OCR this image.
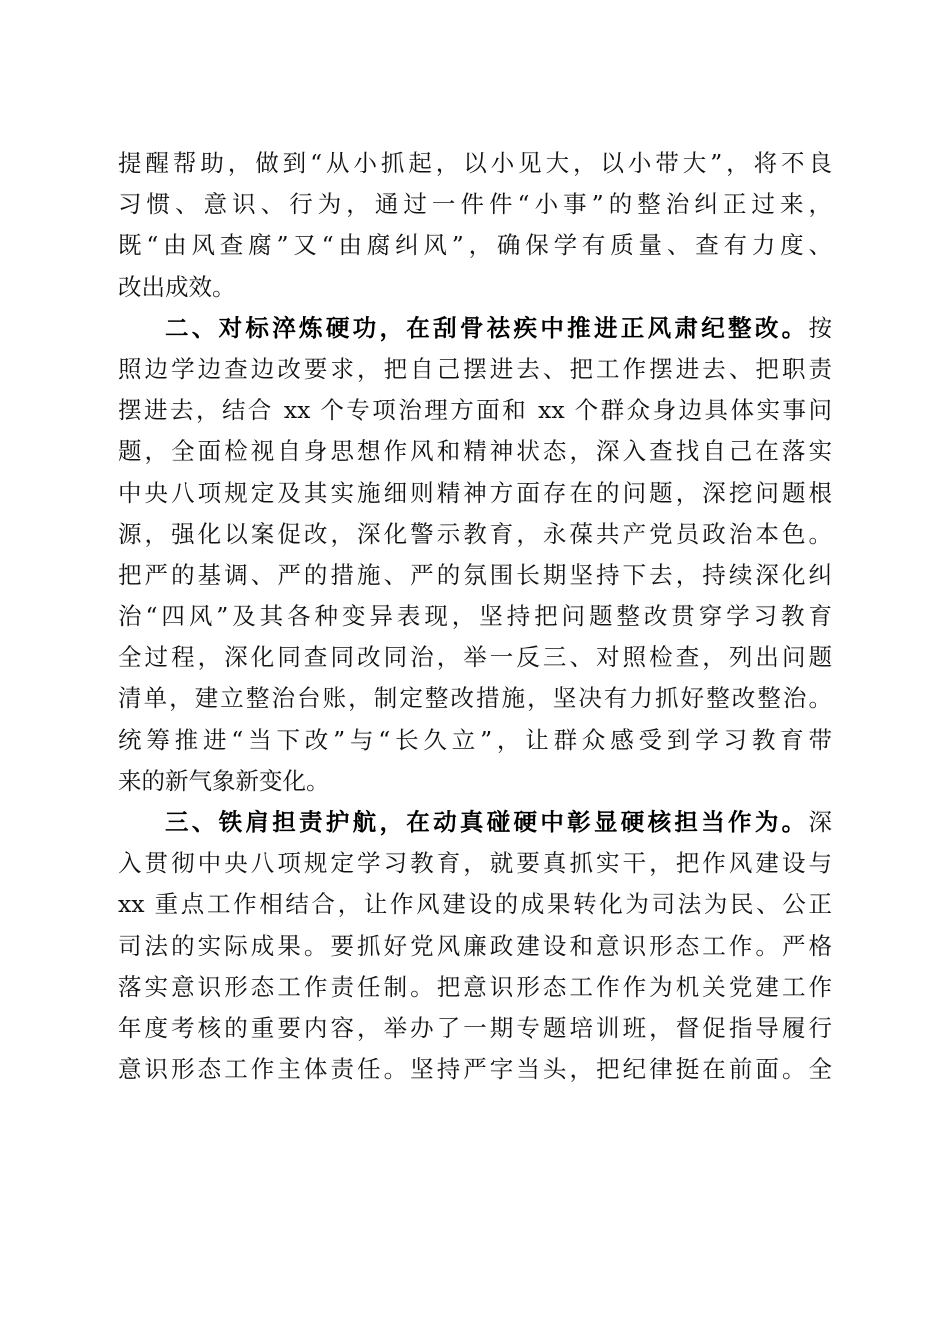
提醒帮助，做到“从小抓起，以小见大，以小带大”，将不良
习惯、意识、行为，通过一件件“小事”的整治纠正过来，
既“由风查腐”又“由腐纠风”，确保学有质量、查有力度、
改出成效。
二、对标淬炼硬功，在刮骨祛疾中推进正风肃纪整改。按
照边学边查边改要求，把自己摆进去、把工作摆进去、把职责
摆进去，结合 xx 个专项治理方面和 xx 个群众身边具体实事问
题，全面检视自身思想作风和精神状态，深入查找自己在落实
中央八项规定及其实施细则精神方面存在的问题，深挖问题根
源，强化以案促改，深化警示教育，永葆共产党员政治本色。
把严的基调、严的措施、严的氛围长期坚持下去，持续深化纠
治“四风”及其各种变异表现，坚持把问题整改贯穿学习教育
全过程，深化同查同改同治，举一反三、对照检查，列出问题
清单，建立整治台账，制定整改措施，坚决有力抓好整改整治。
统筹推进“当下改”与“长久立”，让群众感受到学习教育带
来的新气象新变化。
三、铁肩担责护航，在动真碰硬中彰显硬核担当作为。深
入贯彻中央八项规定学习教育，就要真抓实干，把作风建设与
xx 重点工作相结合，让作风建设的成果转化为司法为民、公正
司法的实际成果。要抓好党风廉政建设和意识形态工作。严格
落实意识形态工作责任制。把意识形态工作作为机关党建工作
年度考核的重要内容，举办了一期专题培训班，督促指导履行
意识形态工作主体责任。坚持严字当头，把纪律挺在前面。全
